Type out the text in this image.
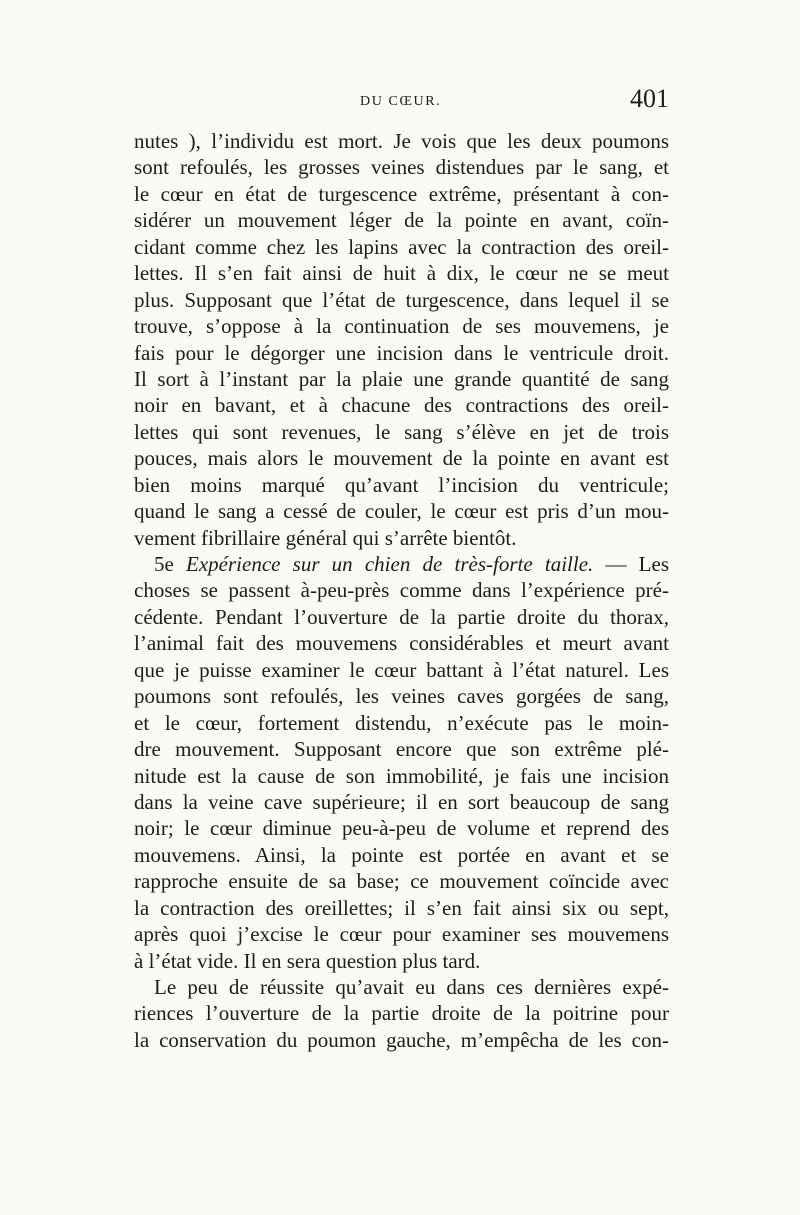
DU CŒUR.	401
nutes ), l’individu est mort. Je vois que les deux poumons
sont refoulés, les grosses veines distendues par le sang, et
le cœur en état de turgescence extrême, présentant à con-
sidérer un mouvement léger de la pointe en avant, coïn-
cidant comme chez les lapins avec la contraction des oreil-
lettes. Il s’en fait ainsi de huit à dix, le cœur ne se meut
plus. Supposant que l’état de turgescence, dans lequel il se
trouve, s’oppose à la continuation de ses mouvemens, je
fais pour le dégorger une incision dans le ventricule droit.
Il sort à l’instant par la plaie une grande quantité de sang
noir en bavant, et à chacune des contractions des oreil-
lettes qui sont revenues, le sang s’élève en jet de trois
pouces, mais alors le mouvement de la pointe en avant est
bien moins marqué qu’avant l’incision du ventricule;
quand le sang a cessé de couler, le cœur est pris d’un mou-
vement fibrillaire général qui s’arrête bientôt.
5e Expérience sur un chien de très-forte taille. — Les
choses se passent à-peu-près comme dans l’expérience pré-
cédente. Pendant l’ouverture de la partie droite du thorax,
l’animal fait des mouvemens considérables et meurt avant
que je puisse examiner le cœur battant à l’état naturel. Les
poumons sont refoulés, les veines caves gorgées de sang,
et le cœur, fortement distendu, n’exécute pas le moin-
dre mouvement. Supposant encore que son extrême plé-
nitude est la cause de son immobilité, je fais une incision
dans la veine cave supérieure; il en sort beaucoup de sang
noir; le cœur diminue peu-à-peu de volume et reprend des
mouvemens. Ainsi, la pointe est portée en avant et se
rapproche ensuite de sa base; ce mouvement coïncide avec
la contraction des oreillettes; il s’en fait ainsi six ou sept,
après quoi j’excise le cœur pour examiner ses mouvemens
à l’état vide. Il en sera question plus tard.
Le peu de réussite qu’avait eu dans ces dernières expé-
riences l’ouverture de la partie droite de la poitrine pour
la conservation du poumon gauche, m’empêcha de les con-
